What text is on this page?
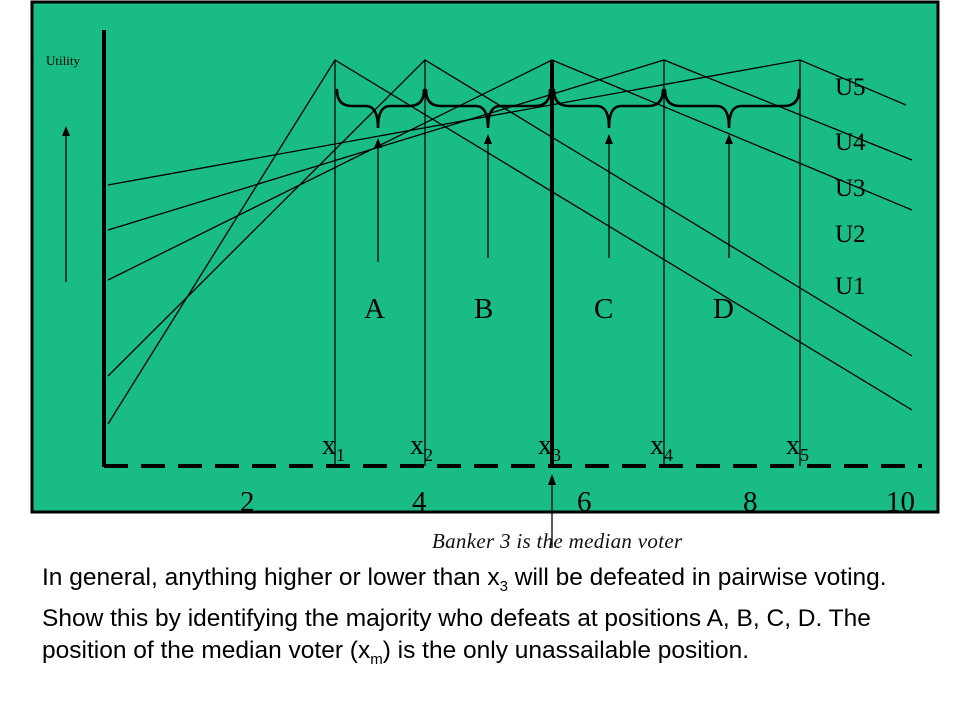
Utility
U5
U4
U3
U2
U1
A	B	C	D
$x_1$ $x_2$	$x_3$	$x_4$	$x_5$
2	4	6	8	10
Banker 3 is the median voter
In general, anything higher or lower than $x_3$ will be defeated in pairwise voting. Show this by identifying the majority who defeats at positions A, B, C, D. The position of the median voter $(x_m)$ is the only unassailable position.
